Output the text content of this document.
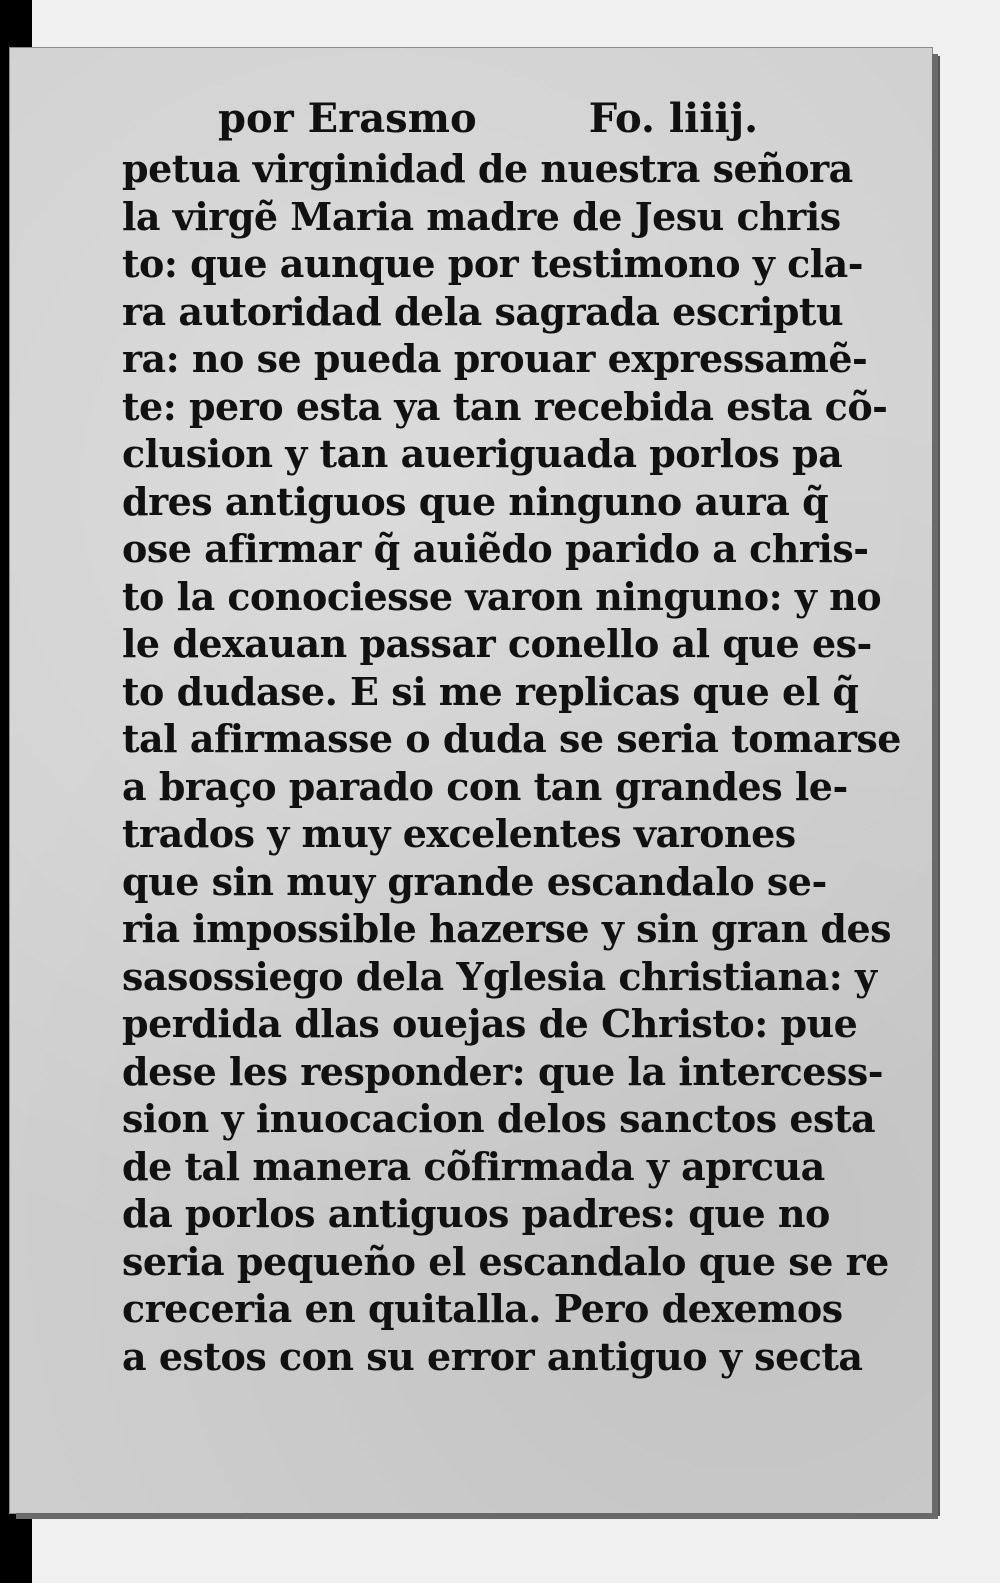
por Erasmo	Fo. liiij.
petua virginidad de nuestra señora
la virgẽ Maria madre de Jesu chris
to: que aunque por testimono y cla-
ra autoridad dela sagrada escriptu
ra: no se pueda prouar expressamẽ-
te: pero esta ya tan recebida esta cõ-
clusion y tan aueriguada porlos pa
dres antiguos que ninguno aura q̃
ose afirmar q̃ auiẽdo parido a chris-
to la conociesse varon ninguno: y no
le dexauan passar conello al que es-
to dudase. E si me replicas que el q̃
tal afirmasse o duda se seria tomarse
a braço parado con tan grandes le-
trados y muy excelentes varones
que sin muy grande escandalo se-
ria impossible hazerse y sin gran des
sasossiego dela Yglesia christiana: y
perdida dlas ouejas de Christo: pue
dese les responder: que la intercess-
sion y inuocacion delos sanctos esta
de tal manera cõfirmada y aprcua
da porlos antiguos padres: que no
seria pequeño el escandalo que se re
creceria en quitalla. Pero dexemos
a estos con su error antiguo y secta
